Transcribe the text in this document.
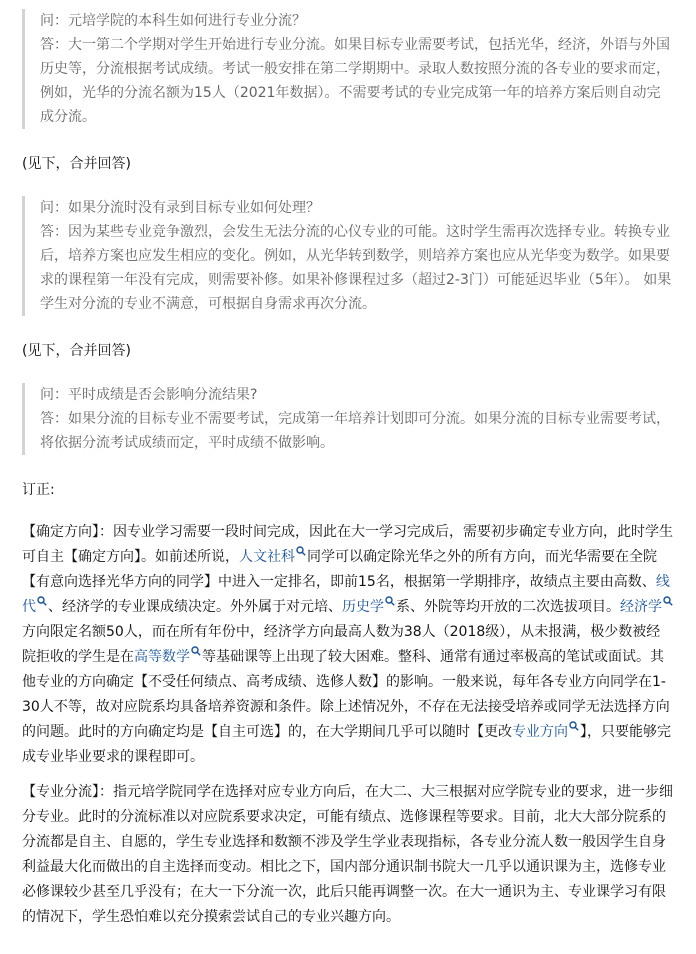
问：元培学院的本科生如何进行专业分流？

答：大一第二个学期对学生开始进行专业分流。如果目标专业需要考试，包括光华，经济，外语与外国历史等，分流根据考试成绩。考试一般安排在第二学期期中。录取人数按照分流的各专业的要求而定，例如，光华的分流名额为15人（2021年数据）。不需要考试的专业完成第一年的培养方案后则自动完成分流。

(见下，合并回答)

问：如果分流时没有录到目标专业如何处理？

答：因为某些专业竞争激烈，会发生无法分流的心仪专业的可能。这时学生需再次选择专业。转换专业后，培养方案也应发生相应的变化。例如，从光华转到数学，则培养方案也应从光华变为数学。如果要求的课程第一年没有完成，则需要补修。如果补修课程过多（超过2-3门）可能延迟毕业（5年）。 如果学生对分流的专业不满意，可根据自身需求再次分流。

(见下，合并回答)

问：平时成绩是否会影响分流结果?

答：如果分流的目标专业不需要考试，完成第一年培养计划即可分流。如果分流的目标专业需要考试，将依据分流考试成绩而定，平时成绩不做影响。

订正:

【确定方向】：因专业学习需要一段时间完成，因此在大一学习完成后，需要初步确定专业方向，此时学生可自主【确定方向】。如前述所说，人文社科 同学可以确定除光华之外的所有方向，而光华需要在全院【有意向选择光华方向的同学】中进入一定排名，即前15名，根据第一学期排序，故绩点主要由高数、线代 、经济学的专业课成绩决定。外外属于对元培、历史学 系、外院等均开放的二次选拔项目。经济学方向限定名额50人，而在所有年份中，经济学方向最高人数为38人（2018级），从未报满，极少数被经院拒收的学生是在高等数学 等基础课等上出现了较大困难。整科、通常有通过率极高的笔试或面试。其他专业的方向确定【不受任何绩点、高考成绩、选修人数】的影响。一般来说，每年各专业方向同学在1-30人不等，故对应院系均具备培养资源和条件。除上述情况外，不存在无法接受培养或同学无法选择方向的问题。此时的方向确定均是【自主可选】的，在大学期间几乎可以随时【更改专业方向 】，只要能够完成专业毕业要求的课程即可。

【专业分流】：指元培学院同学在选择对应专业方向后，在大二、大三根据对应学院专业的要求，进一步细分专业。此时的分流标准以对应院系要求决定，可能有绩点、选修课程等要求。目前，北大大部分院系的分流都是自主、自愿的，学生专业选择和数额不涉及学生学业表现指标，各专业分流人数一般因学生自身利益最大化而做出的自主选择而变动。相比之下，国内部分通识制书院大一几乎以通识课为主，选修专业必修课较少甚至几乎没有；在大一下分流一次，此后只能再调整一次。在大一通识为主、专业课学习有限的情况下，学生恐怕难以充分摸索尝试自己的专业兴趣方向。
